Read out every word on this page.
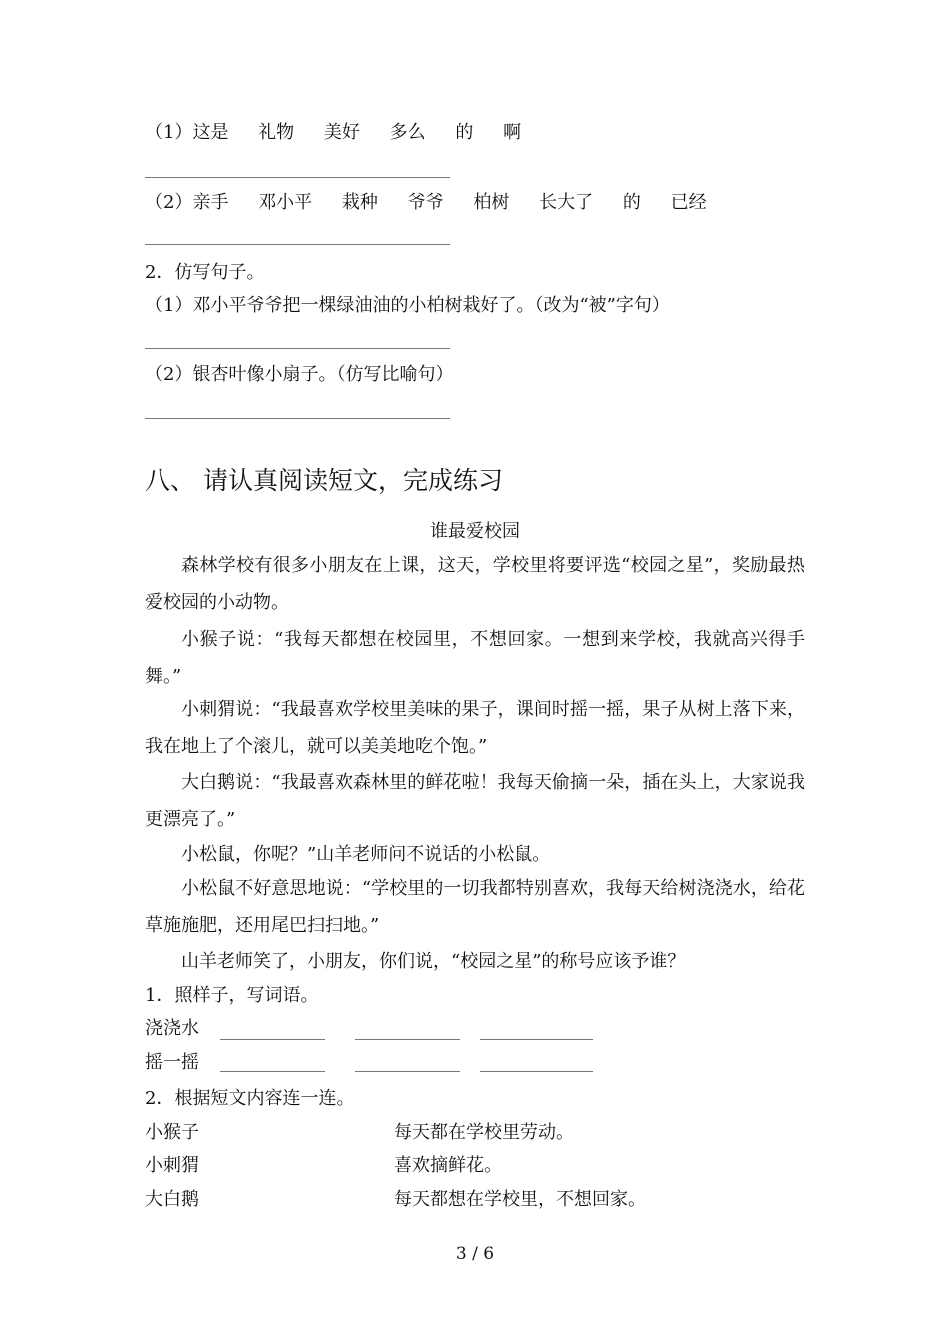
（1）这是 礼物 美好 多么 的 啊
（2）亲手 邓小平 栽种 爷爷 柏树 长大了 的 已经
2．仿写句子。
（1）邓小平爷爷把一棵绿油油的小柏树栽好了。（改为“被”字句）
（2）银杏叶像小扇子。（仿写比喻句）
八、 请认真阅读短文，完成练习
谁最爱校园
森林学校有很多小朋友在上课，这天，学校里将要评选“校园之星”，奖励最热爱校园的小动物。
小猴子说：“我每天都想在校园里，不想回家。一想到来学校，我就高兴得手舞。”
小刺猬说：“我最喜欢学校里美味的果子，课间时摇一摇，果子从树上落下来，我在地上了个滚儿，就可以美美地吃个饱。”
大白鹅说：“我最喜欢森林里的鲜花啦！我每天偷摘一朵，插在头上，大家说我更漂亮了。”
小松鼠，你呢？”山羊老师问不说话的小松鼠。
小松鼠不好意思地说：“学校里的一切我都特别喜欢，我每天给树浇浇水，给花草施施肥，还用尾巴扫扫地。”
山羊老师笑了，小朋友，你们说，“校园之星”的称号应该予谁？
1．照样子，写词语。
浇浇水
摇一摇
2．根据短文内容连一连。
小猴子	每天都在学校里劳动。
小刺猬	喜欢摘鲜花。
大白鹅	每天都想在学校里，不想回家。
3 / 6
